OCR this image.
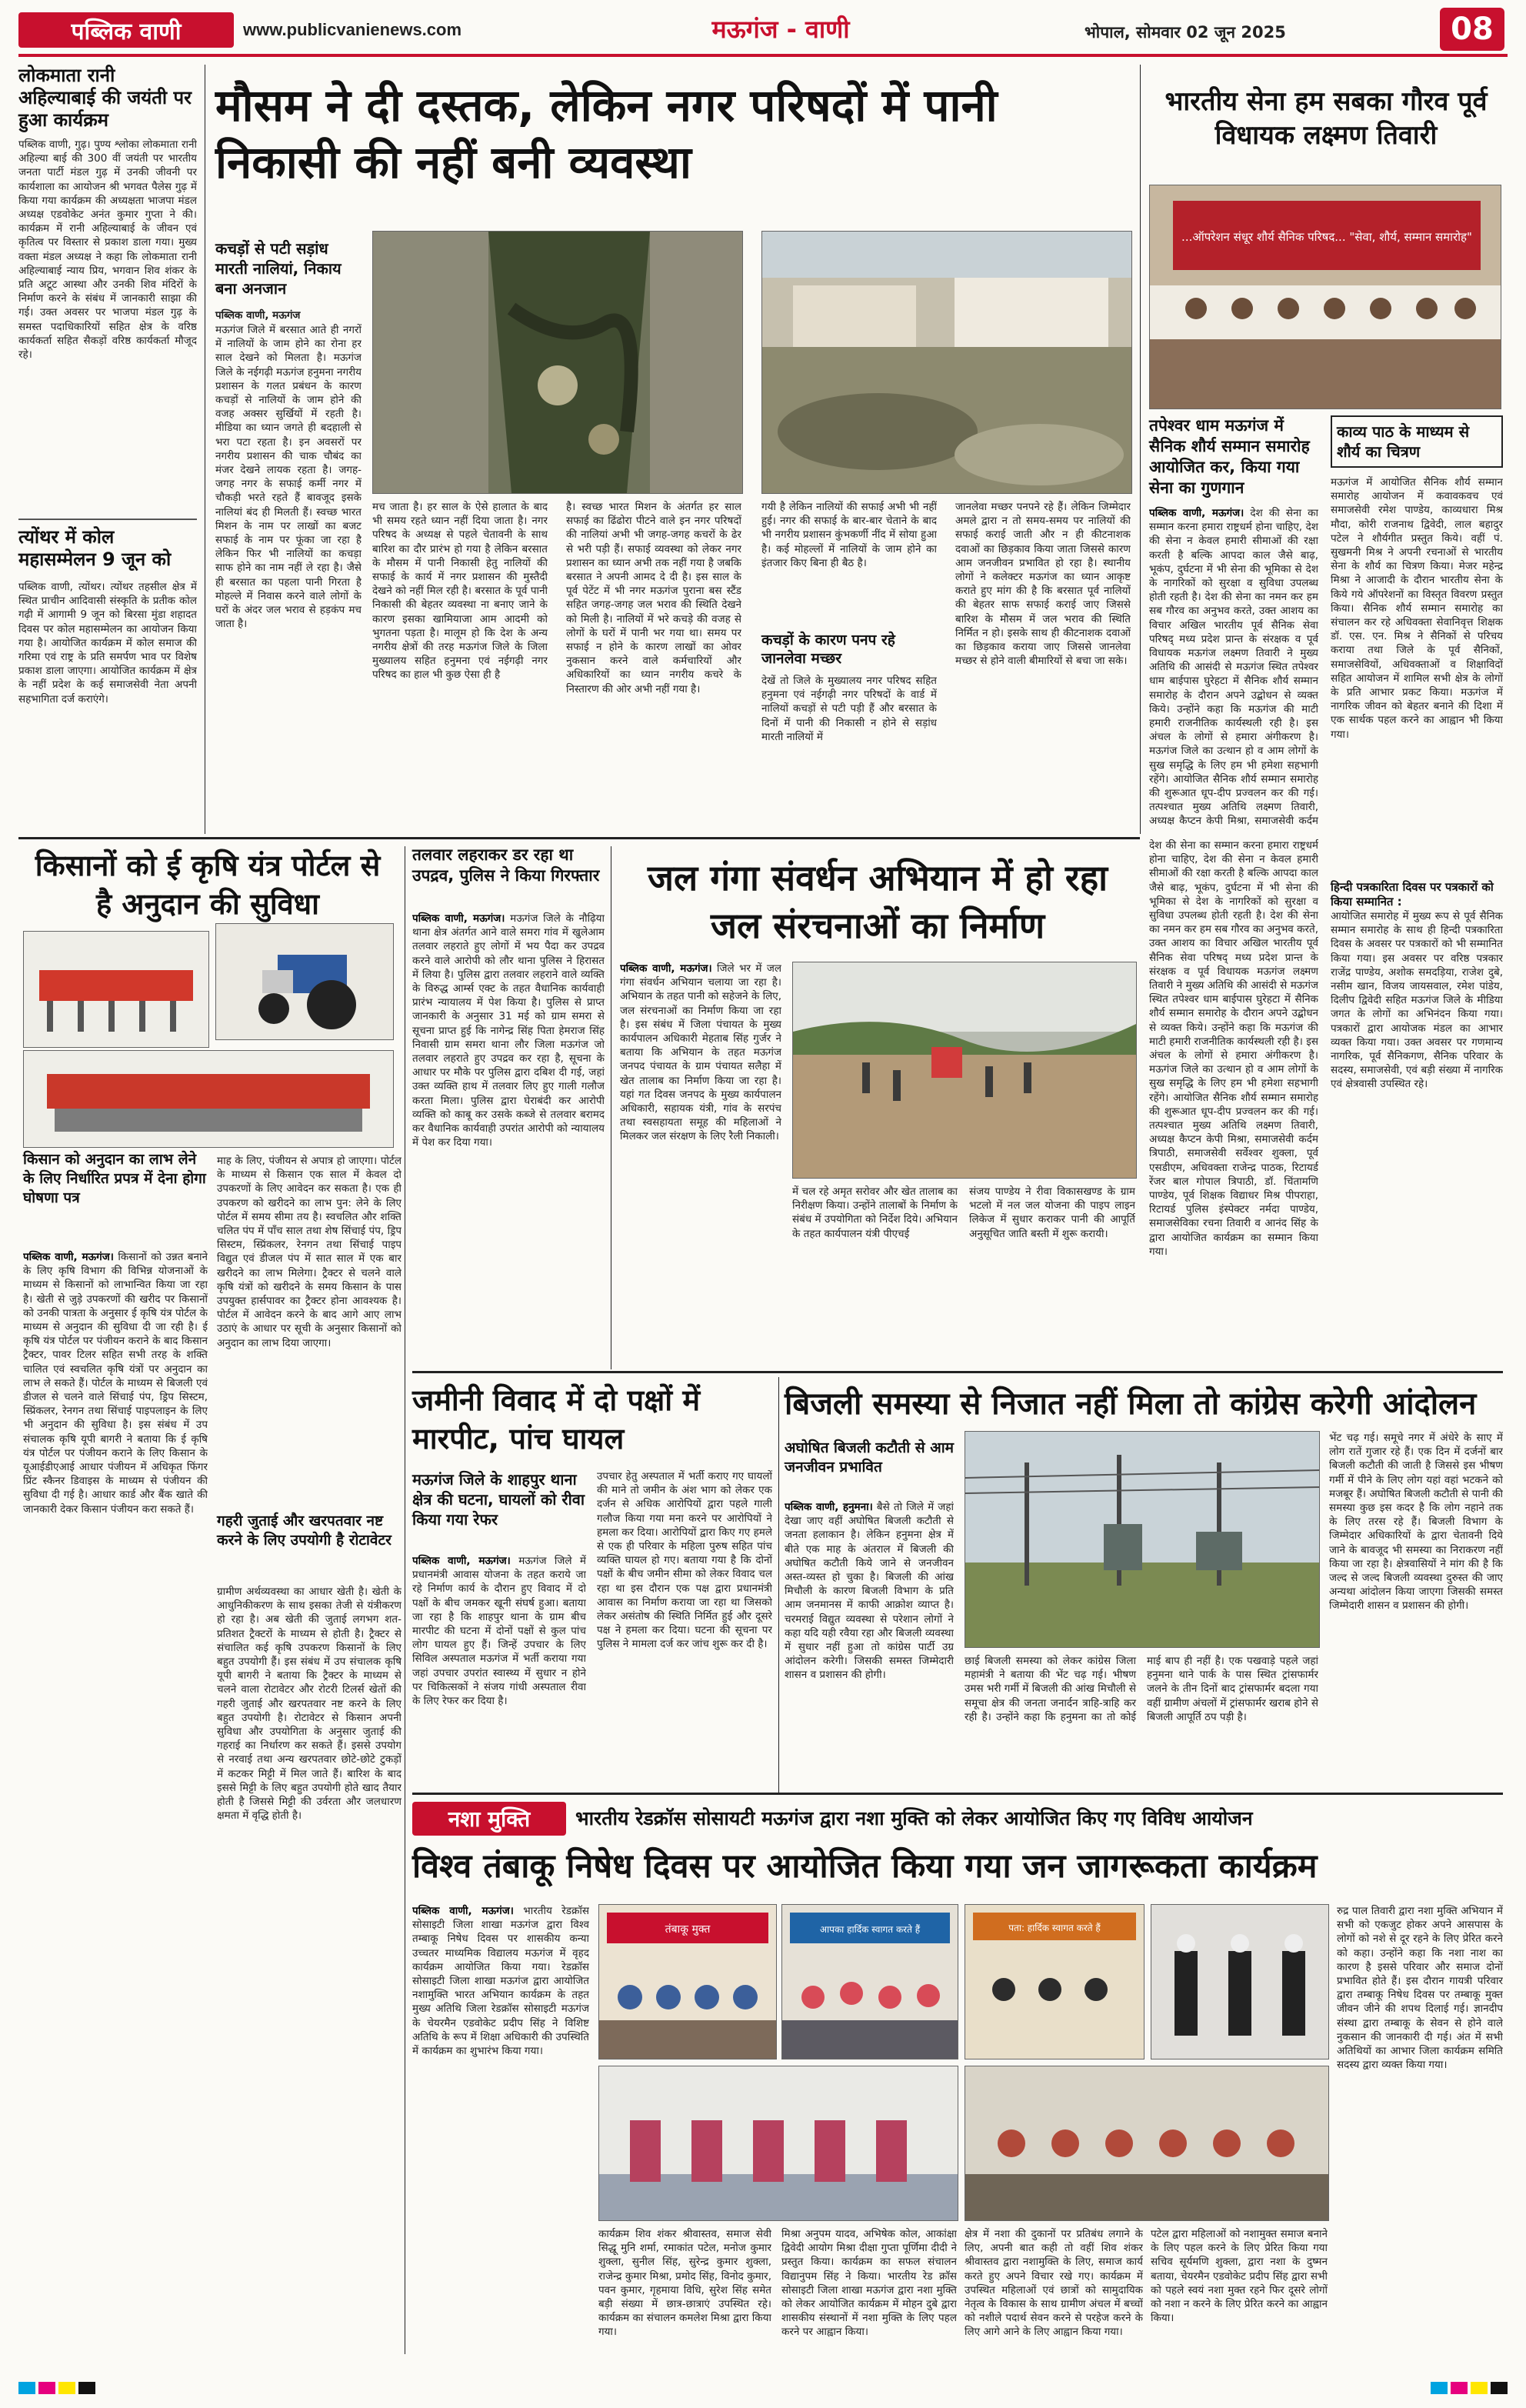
पब्लिक वाणी	www.publicvanienews.com	मऊगंज - वाणी	भोपाल, सोमवार 02 जून 2025	08
लोकमाता रानी अहिल्याबाई की जयंती पर हुआ कार्यक्रम
पब्लिक वाणी, गुढ़। पुण्य श्लोका लोकमाता रानी अहिल्या बाई की 300 वीं जयंती पर भारतीय जनता पार्टी मंडल गुढ़ में उनकी जीवनी पर कार्यशाला का आयोजन श्री भगवत पैलेस गुढ़ में किया गया कार्यक्रम की अध्यक्षता भाजपा मंडल अध्यक्ष एडवोकेट अनंत कुमार गुप्ता ने की। कार्यक्रम में रानी अहिल्याबाई के जीवन एवं कृतित्व पर विस्तार से प्रकाश डाला गया। मुख्य वक्ता मंडल अध्यक्ष ने कहा कि लोकमाता रानी अहिल्याबाई न्याय प्रिय, भगवान शिव शंकर के प्रति अटूट आस्था और उनकी शिव मंदिरों के निर्माण करने के संबंध में जानकारी साझा की गई। उक्त अवसर पर भाजपा मंडल गुढ़ के समस्त पदाधिकारियों सहित क्षेत्र के वरिष्ठ कार्यकर्ता सहित सैकड़ों वरिष्ठ कार्यकर्ता मौजूद रहे।
त्योंथर में कोल महासम्मेलन 9 जून को
पब्लिक वाणी, त्योंथर। त्योंथर तहसील क्षेत्र में स्थित प्राचीन आदिवासी संस्कृति के प्रतीक कोल गढ़ी में आगामी 9 जून को बिरसा मुंडा शहादत दिवस पर कोल महासम्मेलन का आयोजन किया गया है। आयोजित कार्यक्रम में कोल समाज की गरिमा एवं राष्ट्र के प्रति समर्पण भाव पर विशेष प्रकाश डाला जाएगा। आयोजित कार्यक्रम में क्षेत्र के नहीं प्रदेश के कई समाजसेवी नेता अपनी सहभागिता दर्ज कराएंगे।
मौसम ने दी दस्तक, लेकिन नगर परिषदों में पानी निकासी की नहीं बनी व्यवस्था
कचड़ों से पटी सड़ांध मारती नालियां, निकाय बना अनजान
पब्लिक वाणी, मऊगंज
मऊगंज जिले में बरसात आते ही नगरों में नालियों के जाम होने का रोना हर साल देखने को मिलता है। मऊगंज जिले के नईगढ़ी मऊगंज हनुमना नगरीय प्रशासन के गलत प्रबंधन के कारण कचड़ों से नालियों के जाम होने की वजह अक्सर सुर्खियों में रहती है। मीडिया का ध्यान जगते ही बदहाली से भरा पटा रहता है। इन अवसरों पर नगरीय प्रशासन की चाक चौबंद का मंजर देखने लायक रहता है। जगह-जगह नगर के सफाई कर्मी नगर में चौकड़ी भरते रहते हैं बावजूद इसके नालियां बंद ही मिलती हैं। स्वच्छ भारत मिशन के नाम पर लाखों का बजट सफाई के नाम पर फूंका जा रहा है लेकिन फिर भी नालियों का कचड़ा साफ होने का नाम नहीं ले रहा है। जैसे ही बरसात का पहला पानी गिरता है मोहल्ले में निवास करने वाले लोगों के घरों के अंदर जल भराव से हड़कंप मच जाता है।
मच जाता है। हर साल के ऐसे हालात के बाद भी समय रहते ध्यान नहीं दिया जाता है। नगर परिषद के अध्यक्ष से पहले चेतावनी के साथ बारिश का दौर प्रारंभ हो गया है लेकिन बरसात के मौसम में पानी निकासी हेतु नालियों की सफाई के कार्य में नगर प्रशासन की मुस्तैदी देखने को नहीं मिल रही है। बरसात के पूर्व पानी निकासी की बेहतर व्यवस्था ना बनाए जाने के कारण इसका खामियाजा आम आदमी को भुगतना पड़ता है। मालूम हो कि देश के अन्य नगरीय क्षेत्रों की तरह मऊगंज जिले के जिला मुख्यालय सहित हनुमना एवं नईगढ़ी नगर परिषद का हाल भी कुछ ऐसा ही है
है। स्वच्छ भारत मिशन के अंतर्गत हर साल सफाई का ढिंढोरा पीटने वाले इन नगर परिषदों की नालियां अभी भी जगह-जगह कचरों के ढेर से भरी पड़ी हैं। सफाई व्यवस्था को लेकर नगर प्रशासन का ध्यान अभी तक नहीं गया है जबकि बरसात ने अपनी आमद दे दी है। इस साल के पूर्व पेटेंट में भी नगर मऊगंज पुराना बस स्टैंड सहित जगह-जगह जल भराव की स्थिति देखने को मिली है। नालियों में भरे कचड़े की वजह से लोगों के घरों में पानी भर गया था। समय पर सफाई न होने के कारण लाखों का ओवर नुकसान करने वाले कर्मचारियों और अधिकारियों का ध्यान नगरीय कचरे के निस्तारण की ओर अभी नहीं गया है।
गयी है लेकिन नालियों की सफाई अभी भी नहीं हुई। नगर की सफाई के बार-बार चेताने के बाद भी नगरीय प्रशासन कुंभकर्णी नींद में सोया हुआ है। कई मोहल्लों में नालियों के जाम होने का इंतजार किए बिना ही बैठ है।
कचड़ों के कारण पनप रहे जानलेवा मच्छर
देखें तो जिले के मुख्यालय नगर परिषद सहित हनुमना एवं नईगढ़ी नगर परिषदों के वार्ड में नालियों कचड़ों से पटी पड़ी हैं और बरसात के दिनों में पानी की निकासी न होने से सड़ांध मारती नालियों में
जानलेवा मच्छर पनपने रहे हैं। लेकिन जिम्मेदार अमले द्वारा न तो समय-समय पर नालियों की सफाई कराई जाती और न ही कीटनाशक दवाओं का छिड़काव किया जाता जिससे कारण आम जनजीवन प्रभावित हो रहा है। स्थानीय लोगों ने कलेक्टर मऊगंज का ध्यान आकृष्ट कराते हुए मांग की है कि बरसात पूर्व नालियों की बेहतर साफ सफाई कराई जाए जिससे बारिश के मौसम में जल भराव की स्थिति निर्मित न हो। इसके साथ ही कीटनाशक दवाओं का छिड़काव कराया जाए जिससे जानलेवा मच्छर से होने वाली बीमारियों से बचा जा सके।
भारतीय सेना हम सबका गौरव पूर्व विधायक लक्ष्मण तिवारी
...ऑपरेशन संधूर शौर्य सैनिक परिषद... "सेवा, शौर्य, सम्मान समारोह"
तपेश्वर धाम मऊगंज में सैनिक शौर्य सम्मान समारोह आयोजित कर, किया गया सेना का गुणगान
पब्लिक वाणी, मऊगंज। देश की सेना का सम्मान करना हमारा राष्ट्रधर्म होना चाहिए, देश की सेना न केवल हमारी सीमाओं की रक्षा करती है बल्कि आपदा काल जैसे बाढ़, भूकंप, दुर्घटना में भी सेना की भूमिका से देश के नागरिकों को सुरक्षा व सुविधा उपलब्ध होती रहती है। देश की सेना का नमन कर हम सब गौरव का अनुभव करते, उक्त आशय का विचार अखिल भारतीय पूर्व सैनिक सेवा परिषद् मध्य प्रदेश प्रान्त के संरक्षक व पूर्व विधायक मऊगंज लक्ष्मण तिवारी ने मुख्य अतिथि की आसंदी से मऊगंज स्थित तपेश्वर धाम बाईपास घुरेहटा में सैनिक शौर्य सम्मान समारोह के दौरान अपने उद्बोधन से व्यक्त किये। उन्होंने कहा कि मऊगंज की माटी हमारी राजनीतिक कार्यस्थली रही है। इस अंचल के लोगों से हमारा अंगीकरण है। मऊगंज जिले का उत्थान हो व आम लोगों के सुख समृद्धि के लिए हम भी हमेशा सहभागी रहेंगे। आयोजित सैनिक शौर्य सम्मान समारोह की शुरूआत धूप-दीप प्रज्वलन कर की गई। तत्पश्चात मुख्य अतिथि लक्ष्मण तिवारी, अध्यक्ष कैप्टन केपी मिश्रा, समाजसेवी कर्दम
काव्य पाठ के माध्यम से शौर्य का चित्रण
मऊगंज में आयोजित सैनिक शौर्य सम्मान समारोह आयोजन में कवावकवच एवं समाजसेवी रमेश पाण्डेय, काव्यधारा मिश्र मौदा, कोरी राजनाथ द्विवेदी, लाल बहादुर पटेल ने शौर्यगीत प्रस्तुत किये। वहीं पं. सुखमनी मिश्र ने अपनी रचनाओं से भारतीय सेना के शौर्य का चित्रण किया। मेजर महेन्द्र मिश्रा ने आजादी के दौरान भारतीय सेना के किये गये ऑपरेशनों का विस्तृत विवरण प्रस्तुत किया। सैनिक शौर्य सम्मान समारोह का संचालन कर रहे अधिवक्ता सेवानिवृत्त शिक्षक डॉ. एस. एन. मिश्र ने सैनिकों से परिचय कराया तथा जिले के पूर्व सैनिकों, समाजसेवियों, अधिवक्ताओं व शिक्षाविदों सहित आयोजन में शामिल सभी क्षेत्र के लोगों के प्रति आभार प्रकट किया। मऊगंज में नागरिक जीवन को बेहतर बनाने की दिशा में एक सार्थक पहल करने का आह्वान भी किया गया।
हिन्दी पत्रकारिता दिवस पर पत्रकारों को किया सम्मानित :
आयोजित समारोह में मुख्य रूप से पूर्व सैनिक सम्मान समारोह के साथ ही हिन्दी पत्रकारिता दिवस के अवसर पर पत्रकारों को भी सम्मानित किया गया। इस अवसर पर वरिष्ठ पत्रकार राजेंद्र पाण्डेय, अशोक समदड़िया, राजेश दुबे, नसीम खान, विजय जायसवाल, रमेश पांडेय, दिलीप द्विवेदी सहित मऊगंज जिले के मीडिया जगत के लोगों का अभिनंदन किया गया। पत्रकारों द्वारा आयोजक मंडल का आभार व्यक्त किया गया। उक्त अवसर पर गणमान्य नागरिक, पूर्व सैनिकगण, सैनिक परिवार के सदस्य, समाजसेवी, एवं बड़ी संख्या में नागरिक एवं क्षेत्रवासी उपस्थित रहे।
देश की सेना का सम्मान करना हमारा राष्ट्रधर्म होना चाहिए, देश की सेना न केवल हमारी सीमाओं की रक्षा करती है बल्कि आपदा काल जैसे बाढ़, भूकंप, दुर्घटना में भी सेना की भूमिका से देश के नागरिकों को सुरक्षा व सुविधा उपलब्ध होती रहती है। देश की सेना का नमन कर हम सब गौरव का अनुभव करते, उक्त आशय का विचार अखिल भारतीय पूर्व सैनिक सेवा परिषद् मध्य प्रदेश प्रान्त के संरक्षक व पूर्व विधायक मऊगंज लक्ष्मण तिवारी ने मुख्य अतिथि की आसंदी से मऊगंज स्थित तपेश्वर धाम बाईपास घुरेहटा में सैनिक शौर्य सम्मान समारोह के दौरान अपने उद्बोधन से व्यक्त किये। उन्होंने कहा कि मऊगंज की माटी हमारी राजनीतिक कार्यस्थली रही है। इस अंचल के लोगों से हमारा अंगीकरण है। मऊगंज जिले का उत्थान हो व आम लोगों के सुख समृद्धि के लिए हम भी हमेशा सहभागी रहेंगे। आयोजित सैनिक शौर्य सम्मान समारोह की शुरूआत धूप-दीप प्रज्वलन कर की गई। तत्पश्चात मुख्य अतिथि लक्ष्मण तिवारी, अध्यक्ष कैप्टन केपी मिश्रा, समाजसेवी कर्दम त्रिपाठी, समाजसेवी सर्वेश्वर शुक्ला, पूर्व एसडीएम, अधिवक्ता राजेन्द्र पाठक, रिटायर्ड रेंजर बाल गोपाल त्रिपाठी, डॉ. चिंतामणि पाण्डेय, पूर्व शिक्षक विद्याधर मिश्र पीपराहा, रिटायर्ड पुलिस इंस्पेक्टर नर्मदा पाण्डेय, समाजसेविका रचना तिवारी व आनंद सिंह के द्वारा आयोजित कार्यक्रम का सम्मान किया गया।
किसानों को ई कृषि यंत्र पोर्टल से है अनुदान की सुविधा
किसान को अनुदान का लाभ लेने के लिए निर्धारित प्रपत्र में देना होगा घोषणा पत्र
पब्लिक वाणी, मऊगंज। किसानों को उन्नत बनाने के लिए कृषि विभाग की विभिन्न योजनाओं के माध्यम से किसानों को लाभान्वित किया जा रहा है। खेती से जुड़े उपकरणों की खरीद पर किसानों को उनकी पात्रता के अनुसार ई कृषि यंत्र पोर्टल के माध्यम से अनुदान की सुविधा दी जा रही है। ई कृषि यंत्र पोर्टल पर पंजीयन कराने के बाद किसान ट्रैक्टर, पावर टिलर सहित सभी तरह के शक्ति चालित एवं स्वचलित कृषि यंत्रों पर अनुदान का लाभ ले सकते हैं। पोर्टल के माध्यम से बिजली एवं डीजल से चलने वाले सिंचाई पंप, ड्रिप सिस्टम, स्प्रिंकलर, रेनगन तथा सिंचाई पाइपलाइन के लिए भी अनुदान की सुविधा है। इस संबंध में उप संचालक कृषि यूपी बागरी ने बताया कि ई कृषि यंत्र पोर्टल पर पंजीयन कराने के लिए किसान के यूआईडीएआई आधार पंजीयन में अधिकृत फिंगर प्रिंट स्कैनर डिवाइस के माध्यम से पंजीयन की सुविधा दी गई है। आधार कार्ड और बैंक खाते की जानकारी देकर किसान पंजीयन करा सकते हैं।
माह के लिए, पंजीयन से अपात्र हो जाएगा। पोर्टल के माध्यम से किसान एक साल में केवल दो उपकरणों के लिए आवेदन कर सकता है। एक ही उपकरण को खरीदने का लाभ पुन: लेने के लिए पोर्टल में समय सीमा तय है। स्वचलित और शक्ति चलित पंप में पाँच साल तथा शेष सिंचाई पंप, ड्रिप सिस्टम, स्प्रिंकलर, रेनगन तथा सिंचाई पाइप विद्युत एवं डीजल पंप में सात साल में एक बार खरीदने का लाभ मिलेगा। ट्रैक्टर से चलने वाले कृषि यंत्रों को खरीदने के समय किसान के पास उपयुक्त हार्सपावर का ट्रैक्टर होना आवश्यक है। पोर्टल में आवेदन करने के बाद आगे आए लाभ उठाएं के आधार पर सूची के अनुसार किसानों को अनुदान का लाभ दिया जाएगा।
गहरी जुताई और खरपतवार नष्ट करने के लिए उपयोगी है रोटावेटर
ग्रामीण अर्थव्यवस्था का आधार खेती है। खेती के आधुनिकीकरण के साथ इसका तेजी से यंत्रीकरण हो रहा है। अब खेती की जुताई लगभग शत-प्रतिशत ट्रैक्टरों के माध्यम से होती है। ट्रैक्टर से संचालित कई कृषि उपकरण किसानों के लिए बहुत उपयोगी हैं। इस संबंध में उप संचालक कृषि यूपी बागरी ने बताया कि ट्रैक्टर के माध्यम से चलने वाला रोटावेटर और रोटरी टिलर्स खेतों की गहरी जुताई और खरपतवार नष्ट करने के लिए बहुत उपयोगी है। रोटावेटर से किसान अपनी सुविधा और उपयोगिता के अनुसार जुताई की गहराई का निर्धारण कर सकते हैं। इससे उपयोग से नरवाई तथा अन्य खरपतवार छोटे-छोटे टुकड़ों में कटकर मिट्टी में मिल जाते हैं। बारिश के बाद इससे मिट्टी के लिए बहुत उपयोगी होते खाद तैयार होती है जिससे मिट्टी की उर्वरता और जलधारण क्षमता में वृद्धि होती है।
तलवार लहराकर डर रहा था उपद्रव, पुलिस ने किया गिरफ्तार
पब्लिक वाणी, मऊगंज। मऊगंज जिले के नौढ़िया थाना क्षेत्र अंतर्गत आने वाले समरा गांव में खुलेआम तलवार लहराते हुए लोगों में भय पैदा कर उपद्रव करने वाले आरोपी को लौर थाना पुलिस ने हिरासत में लिया है। पुलिस द्वारा तलवार लहराने वाले व्यक्ति के विरुद्ध आर्म्स एक्ट के तहत वैधानिक कार्यवाही प्रारंभ न्यायालय में पेश किया है। पुलिस से प्राप्त जानकारी के अनुसार 31 मई को ग्राम समरा से सूचना प्राप्त हुई कि नागेन्द्र सिंह पिता हेमराज सिंह निवासी ग्राम समरा थाना लौर जिला मऊगंज जो तलवार लहराते हुए उपद्रव कर रहा है, सूचना के आधार पर मौके पर पुलिस द्वारा दबिश दी गई, जहां उक्त व्यक्ति हाथ में तलवार लिए हुए गाली गलौज करता मिला। पुलिस द्वारा घेराबंदी कर आरोपी व्यक्ति को काबू कर उसके कब्जे से तलवार बरामद कर वैधानिक कार्यवाही उपरांत आरोपी को न्यायालय में पेश कर दिया गया।
जल गंगा संवर्धन अभियान में हो रहा जल संरचनाओं का निर्माण
पब्लिक वाणी, मऊगंज। जिले भर में जल गंगा संवर्धन अभियान चलाया जा रहा है। अभियान के तहत पानी को सहेजने के लिए, जल संरचनाओं का निर्माण किया जा रहा है। इस संबंध में जिला पंचायत के मुख्य कार्यपालन अधिकारी मेहताब सिंह गुर्जर ने बताया कि अभियान के तहत मऊगंज जनपद पंचायत के ग्राम पंचायत सलैहा में खेत तालाब का निर्माण किया जा रहा है। यहां गत दिवस जनपद के मुख्य कार्यपालन अधिकारी, सहायक यंत्री, गांव के सरपंच तथा स्वसहायता समूह की महिलाओं ने मिलकर जल संरक्षण के लिए रैली निकाली।
में चल रहे अमृत सरोवर और खेत तालाब का निरीक्षण किया। उन्होंने तालाबों के निर्माण के संबंध में उपयोगिता को निर्देश दिये। अभियान के तहत कार्यपालन यंत्री पीएचई
संजय पाण्डेय ने रीवा विकासखण्ड के ग्राम भटलो में नल जल योजना की पाइप लाइन लिकेज में सुधार कराकर पानी की आपूर्ति अनुसूचित जाति बस्ती में शुरू करायी।
जमीनी विवाद में दो पक्षों में मारपीट, पांच घायल
मऊगंज जिले के शाहपुर थाना क्षेत्र की घटना, घायलों को रीवा किया गया रेफर
पब्लिक वाणी, मऊगंज। मऊगंज जिले में प्रधानमंत्री आवास योजना के तहत कराये जा रहे निर्माण कार्य के दौरान हुए विवाद में दो पक्षों के बीच जमकर खूनी संघर्ष हुआ। बताया जा रहा है कि शाहपुर थाना के ग्राम बीच मारपीट की घटना में दोनों पक्षों से कुल पांच लोग घायल हुए हैं। जिन्हें उपचार के लिए सिविल अस्पताल मऊगंज में भर्ती कराया गया जहां उपचार उपरांत स्वास्थ्य में सुधार न होने पर चिकित्सकों ने संजय गांधी अस्पताल रीवा के लिए रेफर कर दिया है।
उपचार हेतु अस्पताल में भर्ती कराए गए घायलों की माने तो जमीन के अंश भाग को लेकर एक दर्जन से अधिक आरोपियों द्वारा पहले गाली गलौज किया गया मना करने पर आरोपियों ने हमला कर दिया। आरोपियों द्वारा किए गए हमले से एक ही परिवार के महिला पुरुष सहित पांच व्यक्ति घायल हो गए। बताया गया है कि दोनों पक्षों के बीच जमीन सीमा को लेकर विवाद चल रहा था इस दौरान एक पक्ष द्वारा प्रधानमंत्री आवास का निर्माण कराया जा रहा था जिसको लेकर असंतोष की स्थिति निर्मित हुई और दूसरे पक्ष ने हमला कर दिया। घटना की सूचना पर पुलिस ने मामला दर्ज कर जांच शुरू कर दी है।
बिजली समस्या से निजात नहीं मिला तो कांग्रेस करेगी आंदोलन
अघोषित बिजली कटौती से आम जनजीवन प्रभावित
पब्लिक वाणी, हनुमना। बैसे तो जिले में जहां देखा जाए वहीं अघोषित बिजली कटौती से जनता हलाकान है। लेकिन हनुमना क्षेत्र में बीते एक माह के अंतराल में बिजली की अघोषित कटौती किये जाने से जनजीवन अस्त-व्यस्त हो चुका है। बिजली की आंख मिचौली के कारण बिजली विभाग के प्रति आम जनमानस में काफी आक्रोश व्याप्त है। चरमराई विद्युत व्यवस्था से परेशान लोगों ने कहा यदि यही रवैया रहा और बिजली व्यवस्था में सुधार नहीं हुआ तो कांग्रेस पार्टी उग्र आंदोलन करेगी। जिसकी समस्त जिम्मेदारी शासन व प्रशासन की होगी।
छाई बिजली समस्या को लेकर कांग्रेस जिला महामंत्री ने बताया की भेंट चढ़ गई। भीषण उमस भरी गर्मी में बिजली की आंख मिचौली से समूचा क्षेत्र की जनता जनार्दन त्राहि-त्राहि कर रही है। उन्होंने कहा कि हनुमना का तो कोई माई बाप ही नहीं है। एक पखवाड़े पहले जहां हनुमना थाने पार्क के पास स्थित ट्रांसफार्मर जलने के तीन दिनों बाद ट्रांसफार्मर बदला गया वहीं ग्रामीण अंचलों में ट्रांसफार्मर खराब होने से बिजली आपूर्ति ठप पड़ी है।
भेंट चढ़ गई। समूचे नगर में अंधेरे के साए में लोग रातें गुजार रहे हैं। एक दिन में दर्जनों बार बिजली कटौती की जाती है जिससे इस भीषण गर्मी में पीने के लिए लोग यहां वहां भटकने को मजबूर हैं। अघोषित बिजली कटौती से पानी की समस्या कुछ इस कदर है कि लोग नहाने तक के लिए तरस रहे हैं। बिजली विभाग के जिम्मेदार अधिकारियों के द्वारा चेतावनी दिये जाने के बावजूद भी समस्या का निराकरण नहीं किया जा रहा है। क्षेत्रवासियों ने मांग की है कि जल्द से जल्द बिजली व्यवस्था दुरुस्त की जाए अन्यथा आंदोलन किया जाएगा जिसकी समस्त जिम्मेदारी शासन व प्रशासन की होगी।
नशा मुक्ति भारतीय रेडक्रॉस सोसायटी मऊगंज द्वारा नशा मुक्ति को लेकर आयोजित किए गए विविध आयोजन
विश्व तंबाकू निषेध दिवस पर आयोजित किया गया जन जागरूकता कार्यक्रम
पब्लिक वाणी, मऊगंज। भारतीय रेडक्रॉस सोसाइटी जिला शाखा मऊगंज द्वारा विश्व तम्बाकू निषेध दिवस पर शासकीय कन्या उच्चतर माध्यमिक विद्यालय मऊगंज में वृहद कार्यक्रम आयोजित किया गया। रेडक्रॉस सोसाइटी जिला शाखा मऊगंज द्वारा आयोजित नशामुक्ति भारत अभियान कार्यक्रम के तहत मुख्य अतिथि जिला रेडक्रॉस सोसाइटी मऊगंज के चेयरमैन एडवोकेट प्रदीप सिंह ने विशिष्ट अतिथि के रूप में शिक्षा अधिकारी की उपस्थिति में कार्यक्रम का शुभारंभ किया गया।
तंबाकू मुक्त	आपका हार्दिक स्वागत करते हैं	पता: हार्दिक स्वागत करते हैं
कार्यक्रम शिव शंकर श्रीवास्तव, समाज सेवी सिद्धू मुनि शर्मा, रमाकांत पटेल, मनोज कुमार शुक्ला, सुनील सिंह, सुरेन्द्र कुमार शुक्ला, राजेन्द्र कुमार मिश्रा, प्रमोद सिंह, विनोद कुमार, पवन कुमार, गृहमाया विधि, सुरेश सिंह समेत बड़ी संख्या में छात्र-छात्राएं उपस्थित रहे। कार्यक्रम का संचालन कमलेश मिश्रा द्वारा किया गया।
मिश्रा अनुपम यादव, अभिषेक कोल, आकांक्षा द्विवेदी आयोग मिश्रा दीक्षा गुप्ता पूर्णिमा दीदी ने प्रस्तुत किया। कार्यक्रम का सफल संचालन विद्यानुपम सिंह ने किया। भारतीय रेड क्रॉस सोसाइटी जिला शाखा मऊगंज द्वारा नशा मुक्ति को लेकर आयोजित कार्यक्रम में मोहन दुबे द्वारा शासकीय संस्थानों में नशा मुक्ति के लिए पहल करने पर आह्वान किया।
क्षेत्र में नशा की दुकानों पर प्रतिबंध लगाने के लिए, अपनी बात कही तो वहीं शिव शंकर श्रीवास्तव द्वारा नशामुक्ति के लिए, समाज कार्य करते हुए अपने विचार रखे गए। कार्यक्रम में उपस्थित महिलाओं एवं छात्रों को सामुदायिक नेतृत्व के विकास के साथ ग्रामीण अंचल में बच्चों को नशीले पदार्थ सेवन करने से परहेज करने के लिए आगे आने के लिए आह्वान किया गया।
पटेल द्वारा महिलाओं को नशामुक्त समाज बनाने के लिए पहल करने के लिए प्रेरित किया गया सचिव सूर्यमणि शुक्ला, द्वारा नशा के दुष्मन बताया, चेयरमैन एडवोकेट प्रदीप सिंह द्वारा सभी को पहले स्वयं नशा मुक्त रहने फिर दूसरे लोगों को नशा न करने के लिए प्रेरित करने का आह्वान किया।
रुद्र पाल तिवारी द्वारा नशा मुक्ति अभियान में सभी को एकजुट होकर अपने आसपास के लोगों को नशे से दूर रहने के लिए प्रेरित करने को कहा। उन्होंने कहा कि नशा नाश का कारण है इससे परिवार और समाज दोनों प्रभावित होते हैं। इस दौरान गायत्री परिवार द्वारा तम्बाकू निषेध दिवस पर तम्बाकू मुक्त जीवन जीने की शपथ दिलाई गई। ज्ञानदीप संस्था द्वारा तम्बाकू के सेवन से होने वाले नुकसान की जानकारी दी गई। अंत में सभी अतिथियों का आभार जिला कार्यक्रम समिति सदस्य द्वारा व्यक्त किया गया।
